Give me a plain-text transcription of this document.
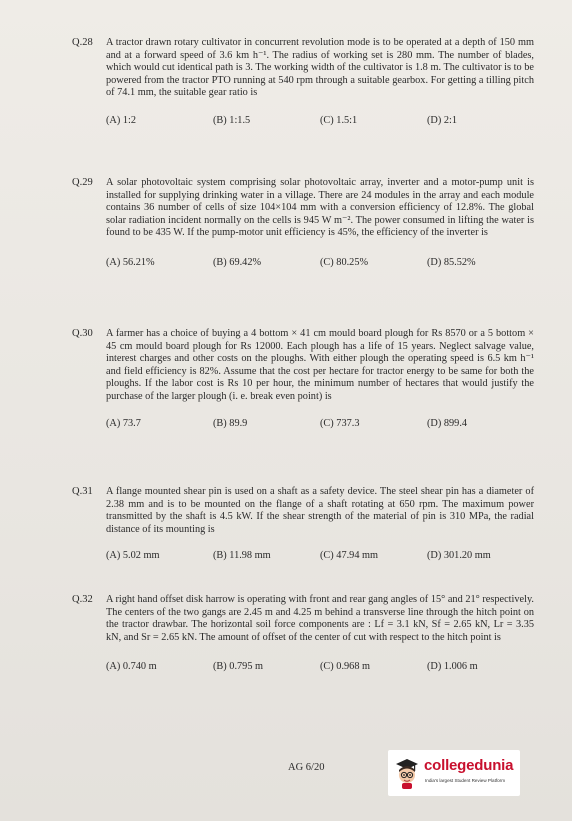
Q.28	A tractor drawn rotary cultivator in concurrent revolution mode is to be operated at a depth of 150 mm and at a forward speed of 3.6 km h⁻¹. The radius of working set is 280 mm. The number of blades, which would cut identical path is 3. The working width of the cultivator is 1.8 m. The cultivator is to be powered from the tractor PTO running at 540 rpm through a suitable gearbox. For getting a tilling pitch of 74.1 mm, the suitable gear ratio is
(A) 1:2	(B) 1:1.5	(C) 1.5:1	(D) 2:1
Q.29	A solar photovoltaic system comprising solar photovoltaic array, inverter and a motor-pump unit is installed for supplying drinking water in a village. There are 24 modules in the array and each module contains 36 number of cells of size 104×104 mm with a conversion efficiency of 12.8%. The global solar radiation incident normally on the cells is 945 W m⁻². The power consumed in lifting the water is found to be 435 W. If the pump-motor unit efficiency is 45%, the efficiency of the inverter is
(A) 56.21%	(B) 69.42%	(C) 80.25%	(D) 85.52%
Q.30	A farmer has a choice of buying a 4 bottom × 41 cm mould board plough for Rs 8570 or a 5 bottom × 45 cm mould board plough for Rs 12000. Each plough has a life of 15 years. Neglect salvage value, interest charges and other costs on the ploughs. With either plough the operating speed is 6.5 km h⁻¹ and field efficiency is 82%. Assume that the cost per hectare for tractor energy to be same for both the ploughs. If the labor cost is Rs 10 per hour, the minimum number of hectares that would justify the purchase of the larger plough (i. e. break even point) is
(A) 73.7	(B) 89.9	(C) 737.3	(D) 899.4
Q.31	A flange mounted shear pin is used on a shaft as a safety device. The steel shear pin has a diameter of 2.38 mm and is to be mounted on the flange of a shaft rotating at 650 rpm. The maximum power transmitted by the shaft is 4.5 kW. If the shear strength of the material of pin is 310 MPa, the radial distance of its mounting is
(A) 5.02 mm	(B) 11.98 mm	(C) 47.94 mm	(D) 301.20 mm
Q.32	A right hand offset disk harrow is operating with front and rear gang angles of 15° and 21° respectively. The centers of the two gangs are 2.45 m and 4.25 m behind a transverse line through the hitch point on the tractor drawbar. The horizontal soil force components are : Lf = 3.1 kN, Sf = 2.65 kN, Lr = 3.35 kN, and Sr = 2.65 kN. The amount of offset of the center of cut with respect to the hitch point is
(A) 0.740 m	(B) 0.795 m	(C) 0.968 m	(D) 1.006 m
AG 6/20	collegedunia
India's largest Student Review Platform
